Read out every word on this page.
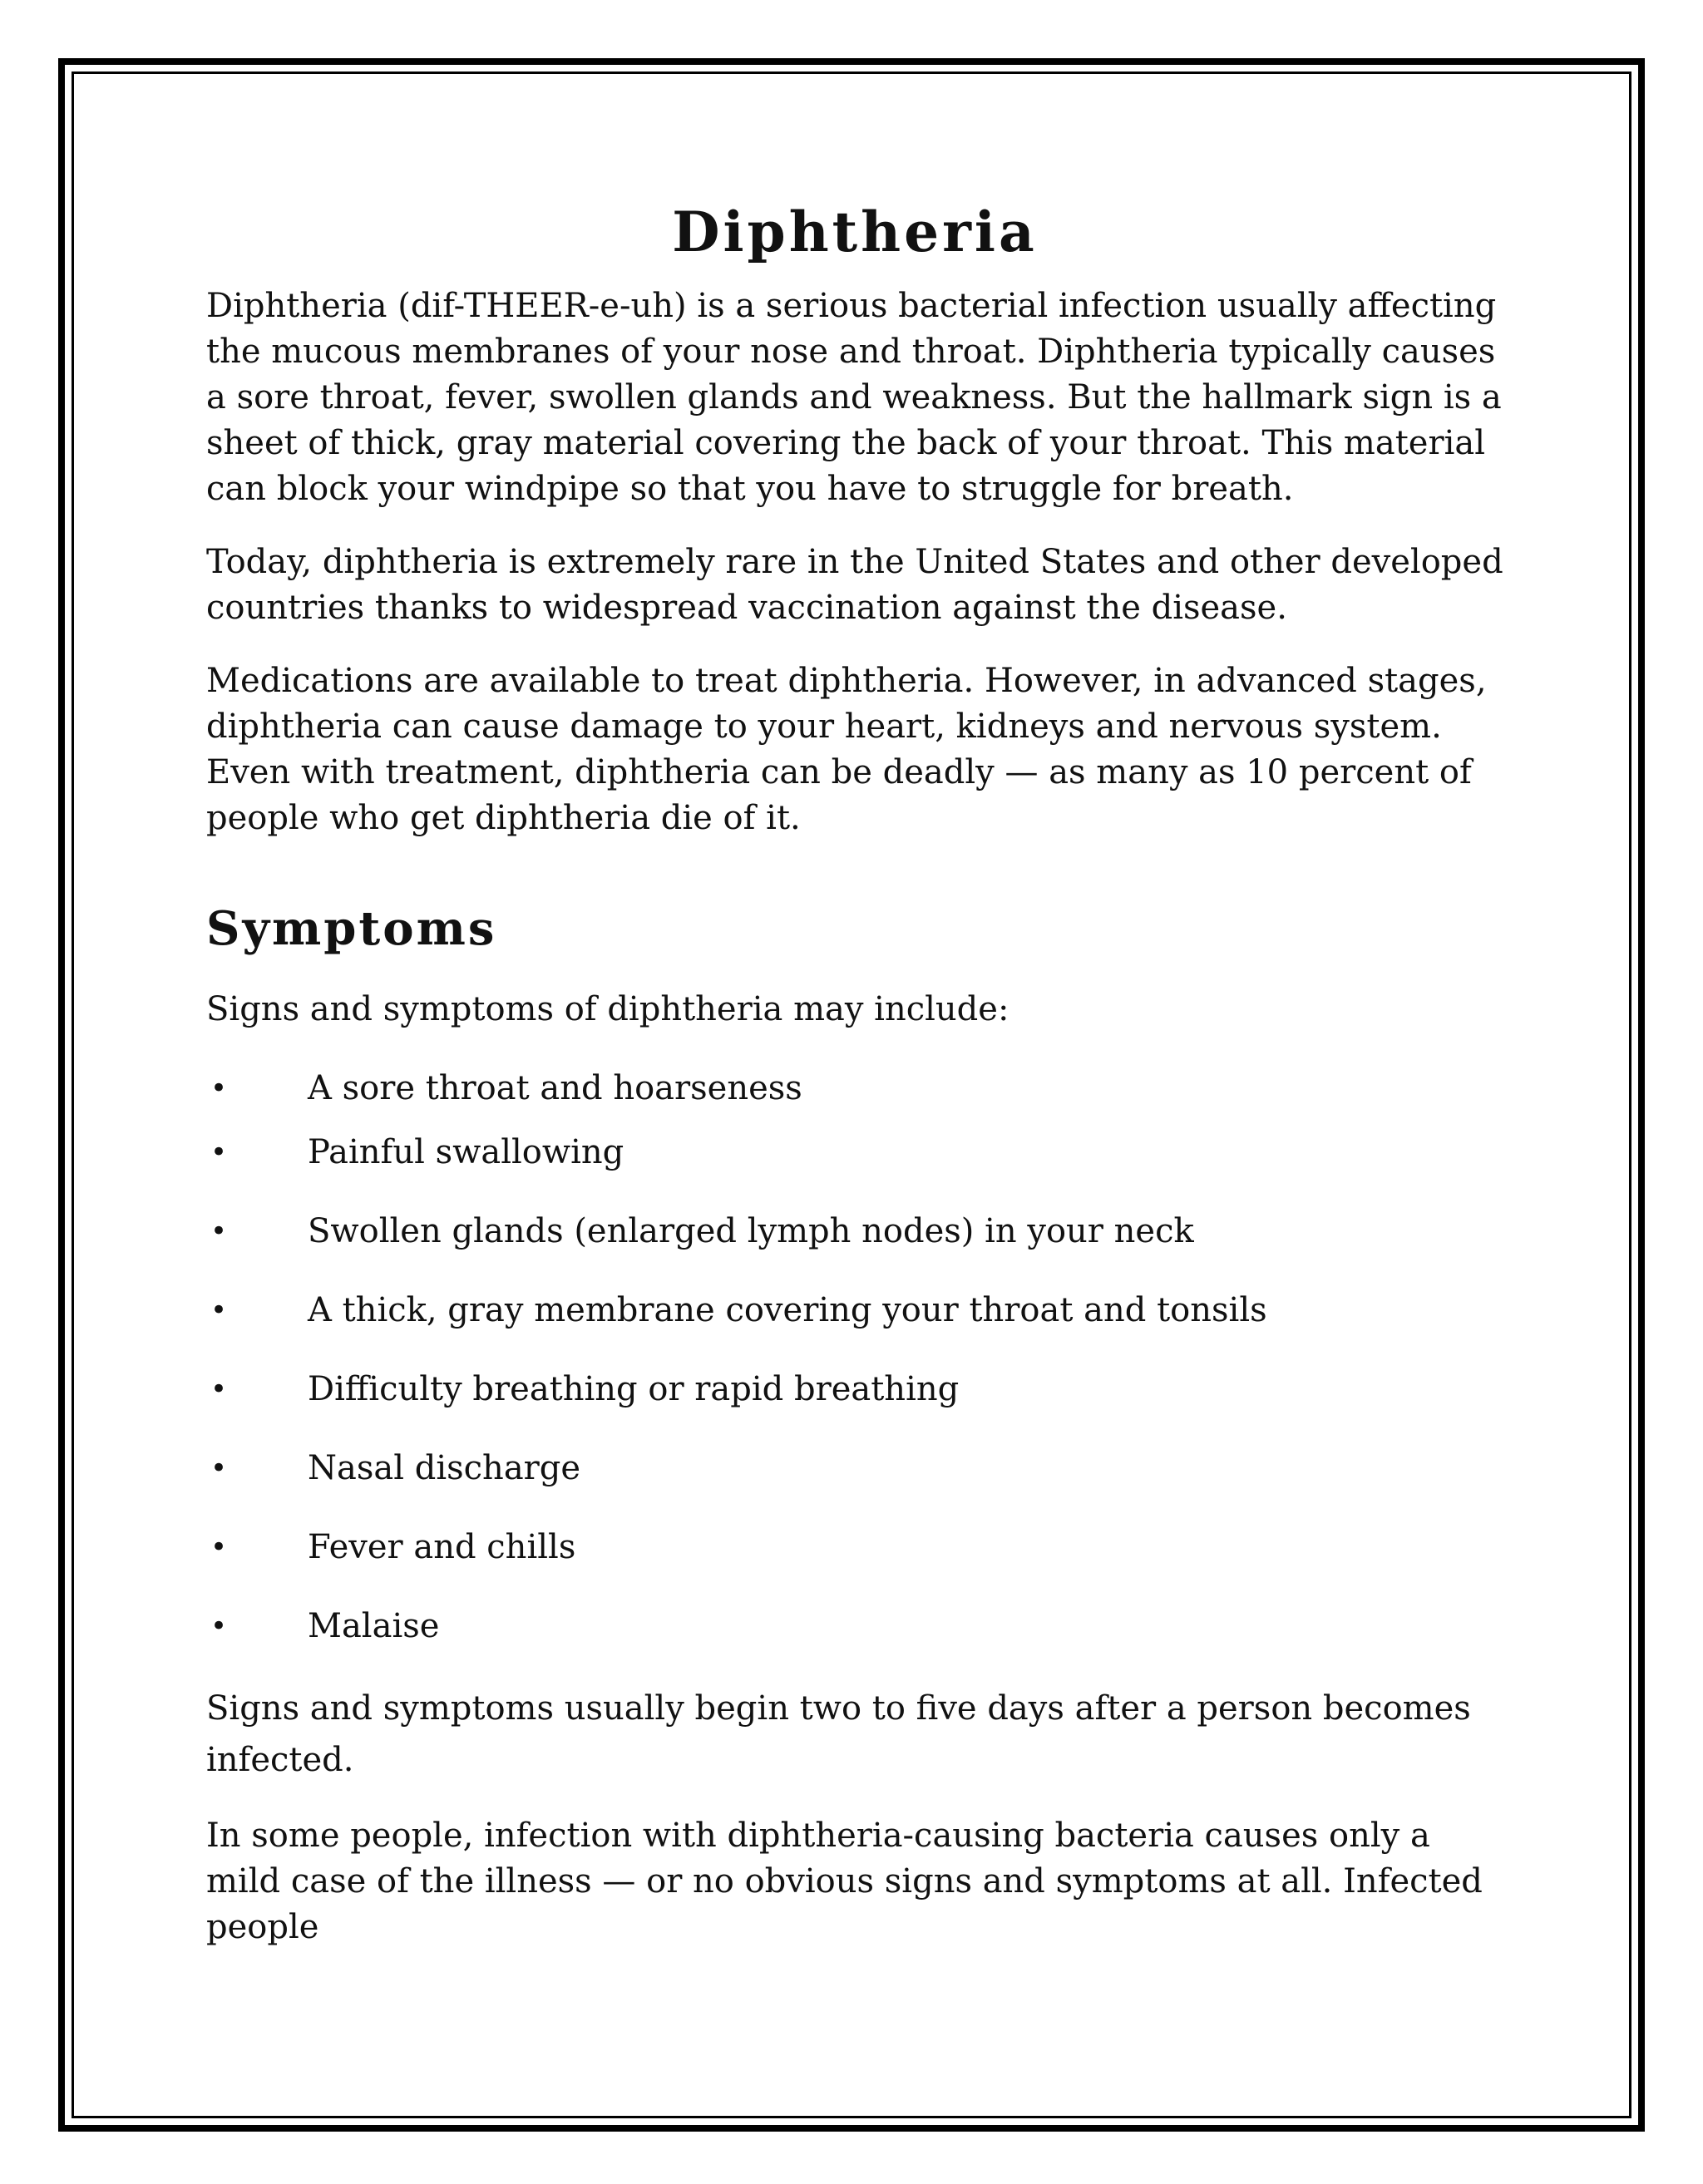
Diphtheria

Diphtheria (dif-THEER-e-uh) is a serious bacterial infection usually affecting the mucous membranes of your nose and throat. Diphtheria typically causes a sore throat, fever, swollen glands and weakness. But the hallmark sign is a sheet of thick, gray material covering the back of your throat. This material can block your windpipe so that you have to struggle for breath.

Today, diphtheria is extremely rare in the United States and other developed countries thanks to widespread vaccination against the disease.

Medications are available to treat diphtheria. However, in advanced stages, diphtheria can cause damage to your heart, kidneys and nervous system. Even with treatment, diphtheria can be deadly — as many as 10 percent of people who get diphtheria die of it.

Symptoms

Signs and symptoms of diphtheria may include:

• A sore throat and hoarseness
• Painful swallowing
• Swollen glands (enlarged lymph nodes) in your neck
• A thick, gray membrane covering your throat and tonsils
• Difficulty breathing or rapid breathing
• Nasal discharge
• Fever and chills
• Malaise

Signs and symptoms usually begin two to five days after a person becomes infected.

In some people, infection with diphtheria-causing bacteria causes only a mild case of the illness — or no obvious signs and symptoms at all. Infected people
